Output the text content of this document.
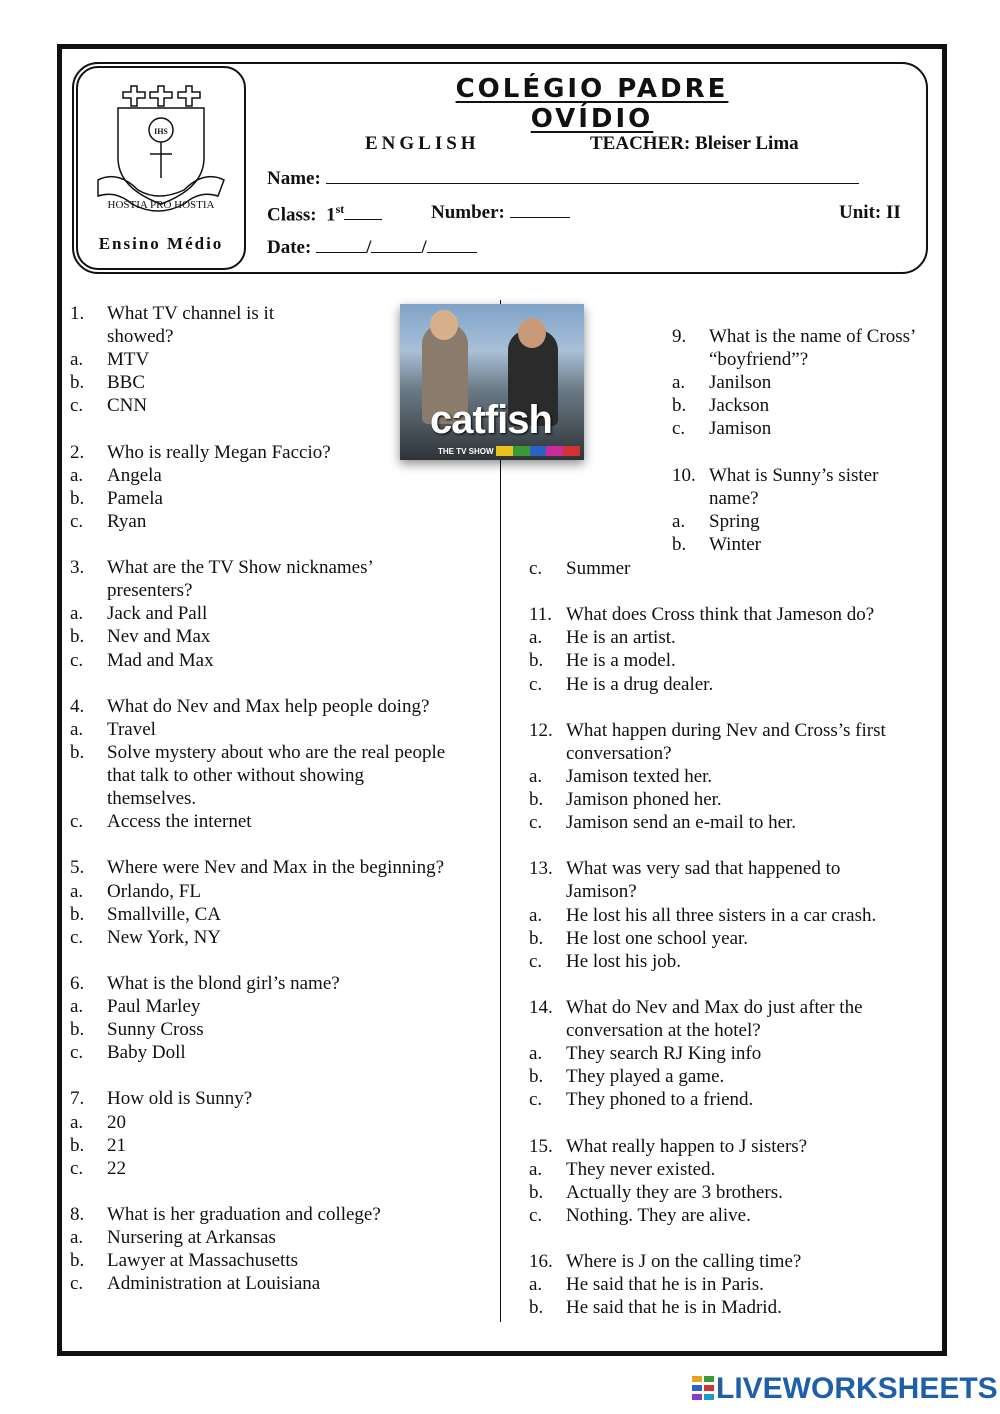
IHS
HOSTIA PRO HOSTIA
Ensino Médio
COLÉGIO PADRE OVÍDIO
ENGLISH	TEACHER: Bleiser Lima
Name:
Class: 1st	Number:	Unit: II
Date:	/	/
catfish
THE TV SHOW
1. What TV channel is it
showed?
a. MTV
b. BBC
c. CNN
2. Who is really Megan Faccio?
a. Angela
b. Pamela
c. Ryan
3. What are the TV Show nicknames’
presenters?
a. Jack and Pall
b. Nev and Max
c. Mad and Max
4. What do Nev and Max help people doing?
a. Travel
b. Solve mystery about who are the real people
that talk to other without showing
themselves.
c. Access the internet
5. Where were Nev and Max in the beginning?
a. Orlando, FL
b. Smallville, CA
c. New York, NY
6. What is the blond girl’s name?
a. Paul Marley
b. Sunny Cross
c. Baby Doll
7. How old is Sunny?
a. 20
b. 21
c. 22
8. What is her graduation and college?
a. Nursering at Arkansas
b. Lawyer at Massachusetts
c. Administration at Louisiana
9. What is the name of Cross’
“boyfriend”?
a. Janilson
b. Jackson
c. Jamison
10. What is Sunny’s sister
name?
a. Spring
b. Winter
c. Summer
11. What does Cross think that Jameson do?
a. He is an artist.
b. He is a model.
c. He is a drug dealer.
12. What happen during Nev and Cross’s first
conversation?
a. Jamison texted her.
b. Jamison phoned her.
c. Jamison send an e-mail to her.
13. What was very sad that happened to
Jamison?
a. He lost his all three sisters in a car crash.
b. He lost one school year.
c. He lost his job.
14. What do Nev and Max do just after the
conversation at the hotel?
a. They search RJ King info
b. They played a game.
c. They phoned to a friend.
15. What really happen to J sisters?
a. They never existed.
b. Actually they are 3 brothers.
c. Nothing. They are alive.
16. Where is J on the calling time?
a. He said that he is in Paris.
b. He said that he is in Madrid.
LIVEWORKSHEETS
